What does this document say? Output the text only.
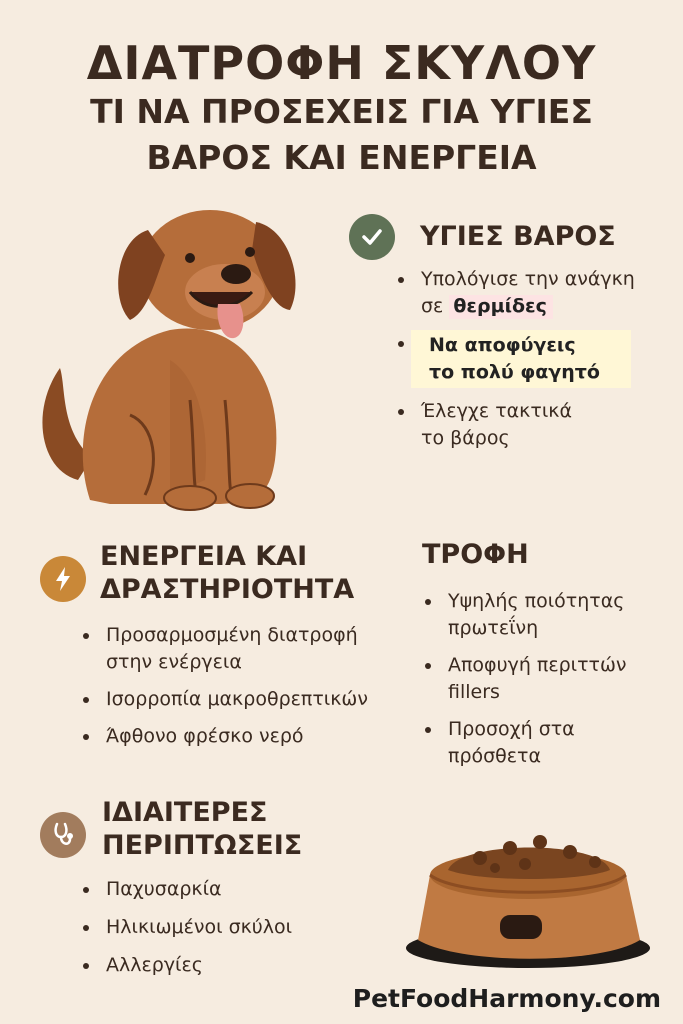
ΔΙΑΤΡΟΦΗ ΣΚΥΛΟΥ
ΤΙ ΝΑ ΠΡΟΣΕΧΕΙΣ ΓΙΑ ΥΓΙΕΣ
ΒΑΡΟΣ ΚΑΙ ΕΝΕΡΓΕΙΑ
ΥΓΙΕΣ ΒΑΡΟΣ
Υπολόγισε την ανάγκη σε θερμίδες
Να αποφύγεις το πολύ φαγητό
Έλεγχε τακτικά το βάρος
ΕΝΕΡΓΕΙΑ ΚΑΙ
ΔΡΑΣΤΗΡΙΟΤΗΤΑ
Προσαρμοσμένη διατροφή στην ενέργεια
Ισορροπία μακροθρεπτικών
Άφθονο φρέσκο νερό
ΤΡΟΦΗ
Υψηλής ποιότητας πρωτεΐνη
Αποφυγή περιττών fillers
Προσοχή στα πρόσθετα
ΙΔΙΑΙΤΕΡΕΣ
ΠΕΡΙΠΤΩΣΕΙΣ
Παχυσαρκία
Ηλικιωμένοι σκύλοι
Αλλεργίες
PetFoodHarmony.com
